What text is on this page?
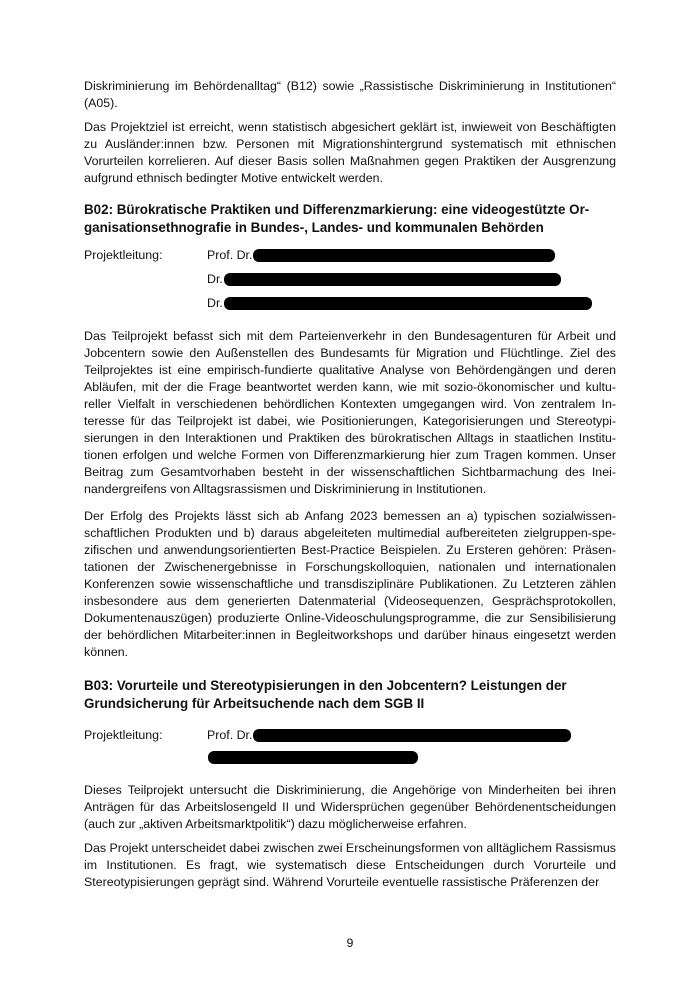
Diskriminierung im Behördenalltag“ (B12) sowie „Rassistische Diskriminierung in Institutionen“ (A05).

Das Projektziel ist erreicht, wenn statistisch abgesichert geklärt ist, inwieweit von Beschäftigten zu Ausländer:innen bzw. Personen mit Migrationshintergrund systematisch mit ethnischen Vorurteilen korrelieren. Auf dieser Basis sollen Maßnahmen gegen Praktiken der Ausgrenzung aufgrund ethnisch bedingter Motive entwickelt werden.

B02: Bürokratische Praktiken und Differenzmarkierung: eine videogestützte Organisationsethnografie in Bundes-, Landes- und kommunalen Behörden
Projektleitung:	Prof. Dr.
Dr.
Dr.

Das Teilprojekt befasst sich mit dem Parteienverkehr in den Bundesagenturen für Arbeit und Jobcentern sowie den Außenstellen des Bundesamts für Migration und Flüchtlinge. Ziel des Teilprojektes ist eine empirisch-fundierte qualitative Analyse von Behördengängen und deren Abläufen, mit der die Frage beantwortet werden kann, wie mit sozio-ökonomischer und kultureller Vielfalt in verschiedenen behördlichen Kontexten umgegangen wird. Von zentralem Interesse für das Teilprojekt ist dabei, wie Positionierungen, Kategorisierungen und Stereotypisierungen in den Interaktionen und Praktiken des bürokratischen Alltags in staatlichen Institutionen erfolgen und welche Formen von Differenzmarkierung hier zum Tragen kommen. Unser Beitrag zum Gesamtvorhaben besteht in der wissenschaftlichen Sichtbarmachung des Ineinandergreifens von Alltagsrassismen und Diskriminierung in Institutionen.

Der Erfolg des Projekts lässt sich ab Anfang 2023 bemessen an a) typischen sozialwissenschaftlichen Produkten und b) daraus abgeleiteten multimedial aufbereiteten zielgruppen-spezifischen und anwendungsorientierten Best-Practice Beispielen. Zu Ersteren gehören: Präsentationen der Zwischenergebnisse in Forschungskolloquien, nationalen und internationalen Konferenzen sowie wissenschaftliche und transdisziplinäre Publikationen. Zu Letzteren zählen insbesondere aus dem generierten Datenmaterial (Videosequenzen, Gesprächsprotokollen, Dokumentenauszügen) produzierte Online-Videoschulungsprogramme, die zur Sensibilisierung der behördlichen Mitarbeiter:innen in Begleitworkshops und darüber hinaus eingesetzt werden können.

B03: Vorurteile und Stereotypisierungen in den Jobcentern? Leistungen der Grundsicherung für Arbeitsuchende nach dem SGB II
Projektleitung:	Prof. Dr.

Dieses Teilprojekt untersucht die Diskriminierung, die Angehörige von Minderheiten bei ihren Anträgen für das Arbeitslosengeld II und Widersprüchen gegenüber Behördenentscheidungen (auch zur „aktiven Arbeitsmarktpolitik“) dazu möglicherweise erfahren.

Das Projekt unterscheidet dabei zwischen zwei Erscheinungsformen von alltäglichem Rassismus im Institutionen. Es fragt, wie systematisch diese Entscheidungen durch Vorurteile und Stereotypisierungen geprägt sind. Während Vorurteile eventuelle rassistische Präferenzen der

9
